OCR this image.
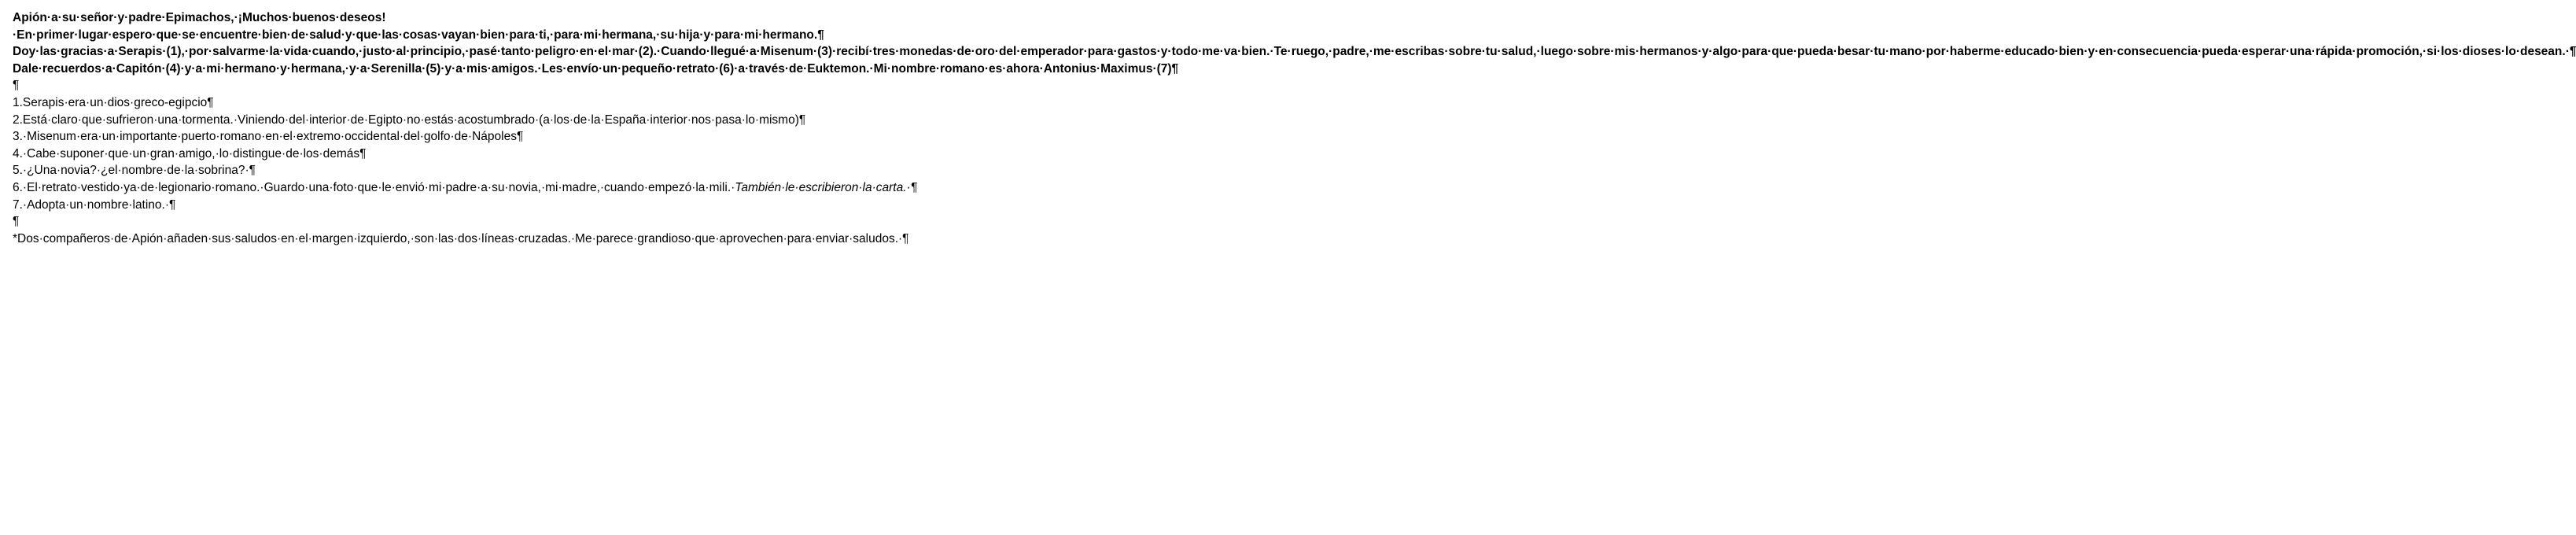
Apión·a·su·señor·y·padre·Epimachos,·¡Muchos·buenos·deseos!·En·primer·lugar·espero·que·se·encuentre·bien·de·salud·y·que·las·cosas·vayan·bien·para·ti,·para·mi·hermana,·su·hija·y·para·mi·hermano.¶

Doy·las·gracias·a·Serapis·(1),·por·salvarme·la·vida·cuando,·justo·al·principio,·pasé·tanto·peligro·en·el·mar·(2).·Cuando·llegué·a·Misenum·(3)·recibí·tres·monedas·de·oro·del·emperador·para·gastos·y·todo·me·va·bien.·Te·ruego,·padre,·me·escribas·sobre·tu·salud,·luego·sobre·mis·hermanos·y·algo·para·que·pueda·besar·tu·mano·por·haberme·educado·bien·y·en·consecuencia·pueda·esperar·una·rápida·promoción,·si·los·dioses·lo·desean.·¶

Dale·recuerdos·a·Capitón·(4)·y·a·mi·hermano·y·hermana,·y·a·Serenilla·(5)·y·a·mis·amigos.·Les·envío·un·pequeño·retrato·(6)·a·través·de·Euktemon.·Mi·nombre·romano·es·ahora·Antonius·Maximus·(7)¶

¶

1.Serapis·era·un·dios·greco-egipcio¶

2.Está·claro·que·sufrieron·una·tormenta.·Viniendo·del·interior·de·Egipto·no·estás·acostumbrado·(a·los·de·la·España·interior·nos·pasa·lo·mismo)¶

3.·Misenum·era·un·importante·puerto·romano·en·el·extremo·occidental·del·golfo·de·Nápoles¶

4.·Cabe·suponer·que·un·gran·amigo,·lo·distingue·de·los·demás¶

5.·¿Una·novia?·¿el·nombre·de·la·sobrina?·¶

6.·El·retrato·vestido·ya·de·legionario·romano.·Guardo·una·foto·que·le·envió·mi·padre·a·su·novia,·mi·madre,·cuando·empezó·la·mili.·También·le·escribieron·la·carta.·¶

7.·Adopta·un·nombre·latino.·¶

¶

*Dos·compañeros·de·Apión·añaden·sus·saludos·en·el·margen·izquierdo,·son·las·dos·líneas·cruzadas.·Me·parece·grandioso·que·aprovechen·para·enviar·saludos.·¶
